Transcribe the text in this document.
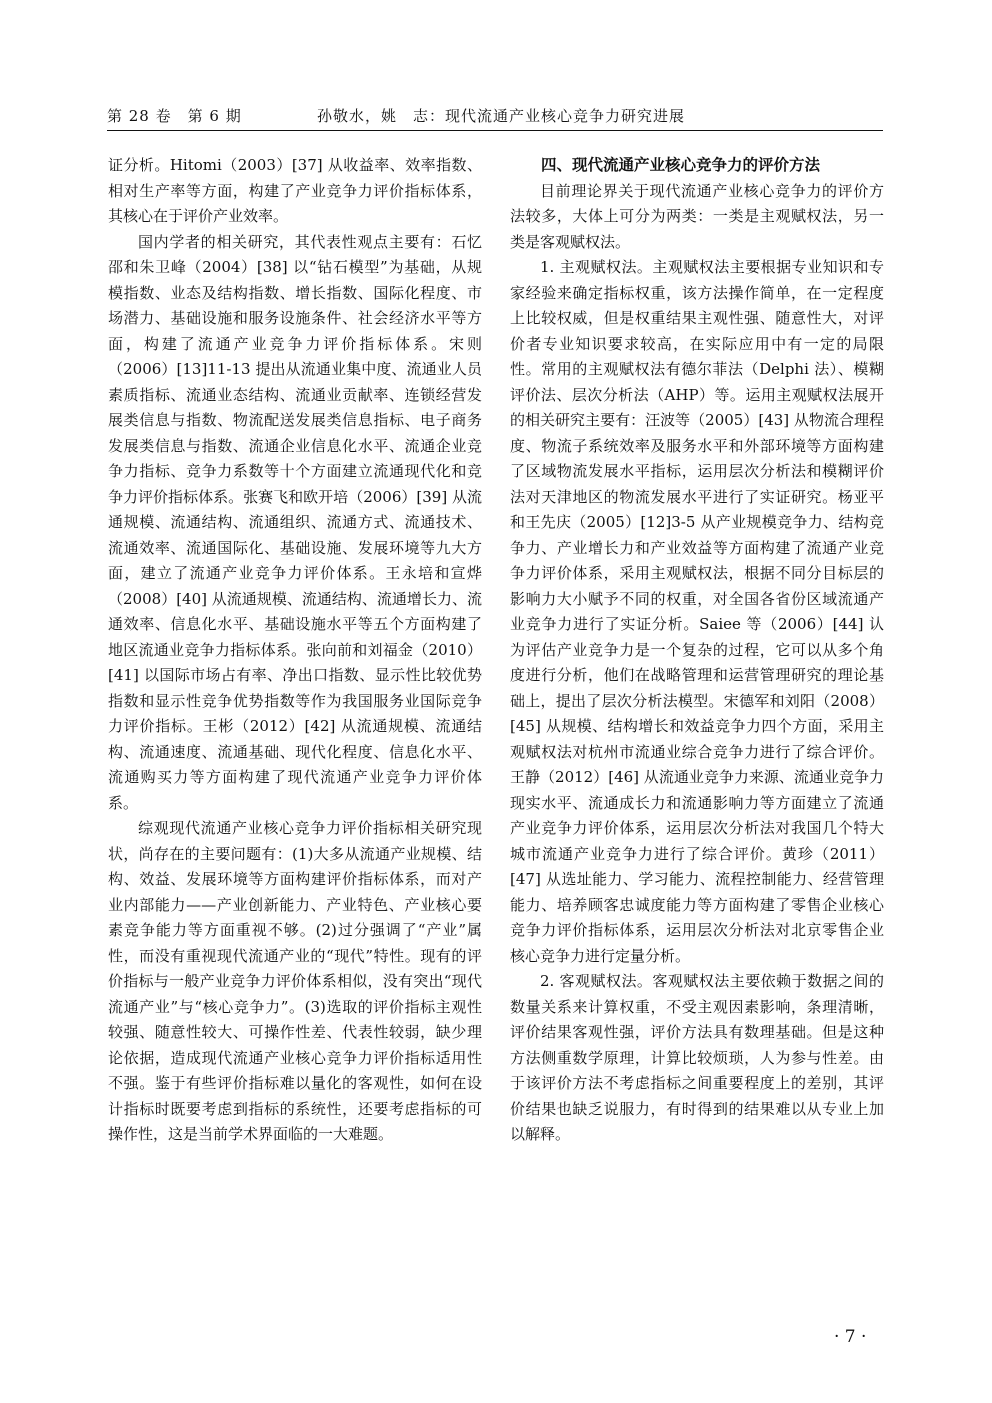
第 28 卷　第 6 期	孙敬水，姚　志：现代流通产业核心竞争力研究进展

证分析。Hitomi（2003）[37] 从收益率、效率指数、相对生产率等方面，构建了产业竞争力评价指标体系，其核心在于评价产业效率。

国内学者的相关研究，其代表性观点主要有：石忆邵和朱卫峰（2004）[38] 以“钻石模型”为基础，从规模指数、业态及结构指数、增长指数、国际化程度、市场潜力、基础设施和服务设施条件、社会经济水平等方面，构建了流通产业竞争力评价指标体系。宋则（2006）[13]11-13 提出从流通业集中度、流通业人员素质指标、流通业态结构、流通业贡献率、连锁经营发展类信息与指数、物流配送发展类信息指标、电子商务发展类信息与指数、流通企业信息化水平、流通企业竞争力指标、竞争力系数等十个方面建立流通现代化和竞争力评价指标体系。张赛飞和欧开培（2006）[39] 从流通规模、流通结构、流通组织、流通方式、流通技术、流通效率、流通国际化、基础设施、发展环境等九大方面，建立了流通产业竞争力评价体系。王永培和宣烨（2008）[40] 从流通规模、流通结构、流通增长力、流通效率、信息化水平、基础设施水平等五个方面构建了地区流通业竞争力指标体系。张向前和刘福金（2010）[41] 以国际市场占有率、净出口指数、显示性比较优势指数和显示性竞争优势指数等作为我国服务业国际竞争力评价指标。王彬（2012）[42] 从流通规模、流通结构、流通速度、流通基础、现代化程度、信息化水平、流通购买力等方面构建了现代流通产业竞争力评价体系。

综观现代流通产业核心竞争力评价指标相关研究现状，尚存在的主要问题有：(1)大多从流通产业规模、结构、效益、发展环境等方面构建评价指标体系，而对产业内部能力——产业创新能力、产业特色、产业核心要素竞争能力等方面重视不够。(2)过分强调了“产业”属性，而没有重视现代流通产业的“现代”特性。现有的评价指标与一般产业竞争力评价体系相似，没有突出“现代流通产业”与“核心竞争力”。(3)选取的评价指标主观性较强、随意性较大、可操作性差、代表性较弱，缺少理论依据，造成现代流通产业核心竞争力评价指标适用性不强。鉴于有些评价指标难以量化的客观性，如何在设计指标时既要考虑到指标的系统性，还要考虑指标的可操作性，这是当前学术界面临的一大难题。

四、现代流通产业核心竞争力的评价方法

目前理论界关于现代流通产业核心竞争力的评价方法较多，大体上可分为两类：一类是主观赋权法，另一类是客观赋权法。

1. 主观赋权法。主观赋权法主要根据专业知识和专家经验来确定指标权重，该方法操作简单，在一定程度上比较权威，但是权重结果主观性强、随意性大，对评价者专业知识要求较高，在实际应用中有一定的局限性。常用的主观赋权法有德尔菲法（Delphi 法）、模糊评价法、层次分析法（AHP）等。运用主观赋权法展开的相关研究主要有：汪波等（2005）[43] 从物流合理程度、物流子系统效率及服务水平和外部环境等方面构建了区域物流发展水平指标，运用层次分析法和模糊评价法对天津地区的物流发展水平进行了实证研究。杨亚平和王先庆（2005）[12]3-5 从产业规模竞争力、结构竞争力、产业增长力和产业效益等方面构建了流通产业竞争力评价体系，采用主观赋权法，根据不同分目标层的影响力大小赋予不同的权重，对全国各省份区域流通产业竞争力进行了实证分析。Saiee 等（2006）[44] 认为评估产业竞争力是一个复杂的过程，它可以从多个角度进行分析，他们在战略管理和运营管理研究的理论基础上，提出了层次分析法模型。宋德军和刘阳（2008）[45] 从规模、结构增长和效益竞争力四个方面，采用主观赋权法对杭州市流通业综合竞争力进行了综合评价。王静（2012）[46] 从流通业竞争力来源、流通业竞争力现实水平、流通成长力和流通影响力等方面建立了流通产业竞争力评价体系，运用层次分析法对我国几个特大城市流通产业竞争力进行了综合评价。黄珍（2011）[47] 从选址能力、学习能力、流程控制能力、经营管理能力、培养顾客忠诚度能力等方面构建了零售企业核心竞争力评价指标体系，运用层次分析法对北京零售企业核心竞争力进行定量分析。

2. 客观赋权法。客观赋权法主要依赖于数据之间的数量关系来计算权重，不受主观因素影响，条理清晰，评价结果客观性强，评价方法具有数理基础。但是这种方法侧重数学原理，计算比较烦琐，人为参与性差。由于该评价方法不考虑指标之间重要程度上的差别，其评价结果也缺乏说服力，有时得到的结果难以从专业上加以解释。

· 7 ·
